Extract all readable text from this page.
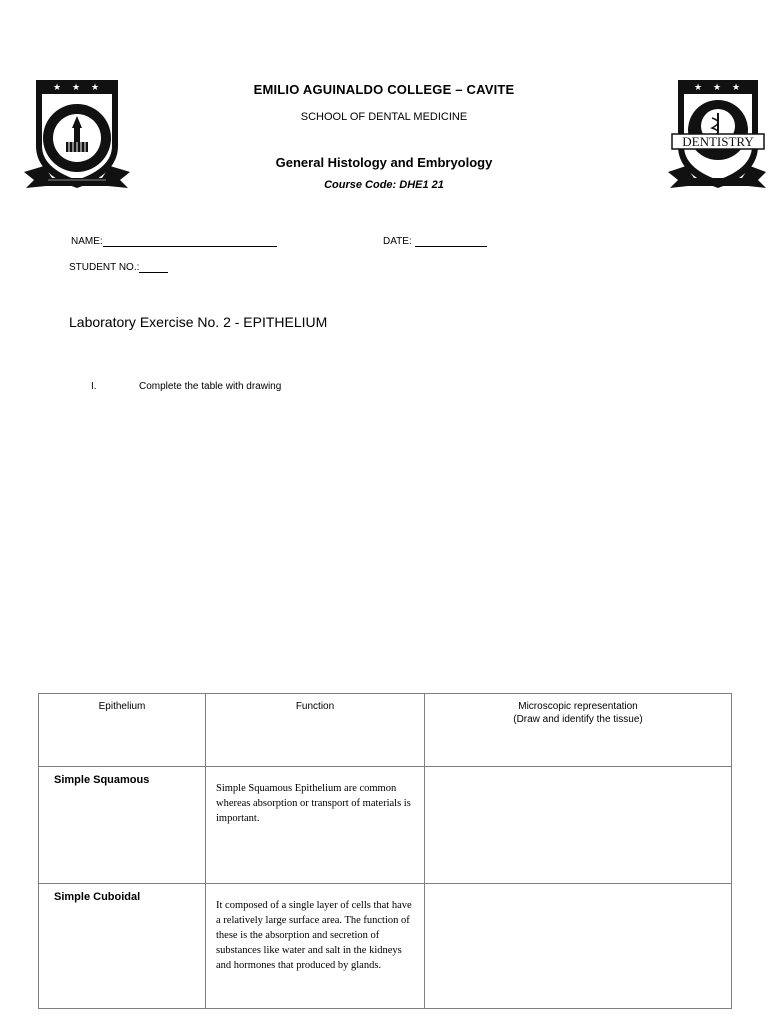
★ ★ ★	★ ★ ★
DENTISTRY
EMILIO AGUINALDO COLLEGE – CAVITE
SCHOOL OF DENTAL MEDICINE
General Histology and Embryology
Course Code: DHE1 21
NAME:	DATE:
STUDENT NO.:
Laboratory Exercise No. 2 - EPITHELIUM
I.	Complete the table with drawing
Epithelium	Function	Microscopic representation
(Draw and identify the tissue)

Simple Squamous	Simple Squamous Epithelium are common whereas absorption or transport of materials is important.	
Simple Cuboidal	It composed of a single layer of cells that have a relatively large surface area. The function of these is the absorption and secretion of substances like water and salt in the kidneys and hormones that produced by glands.	
